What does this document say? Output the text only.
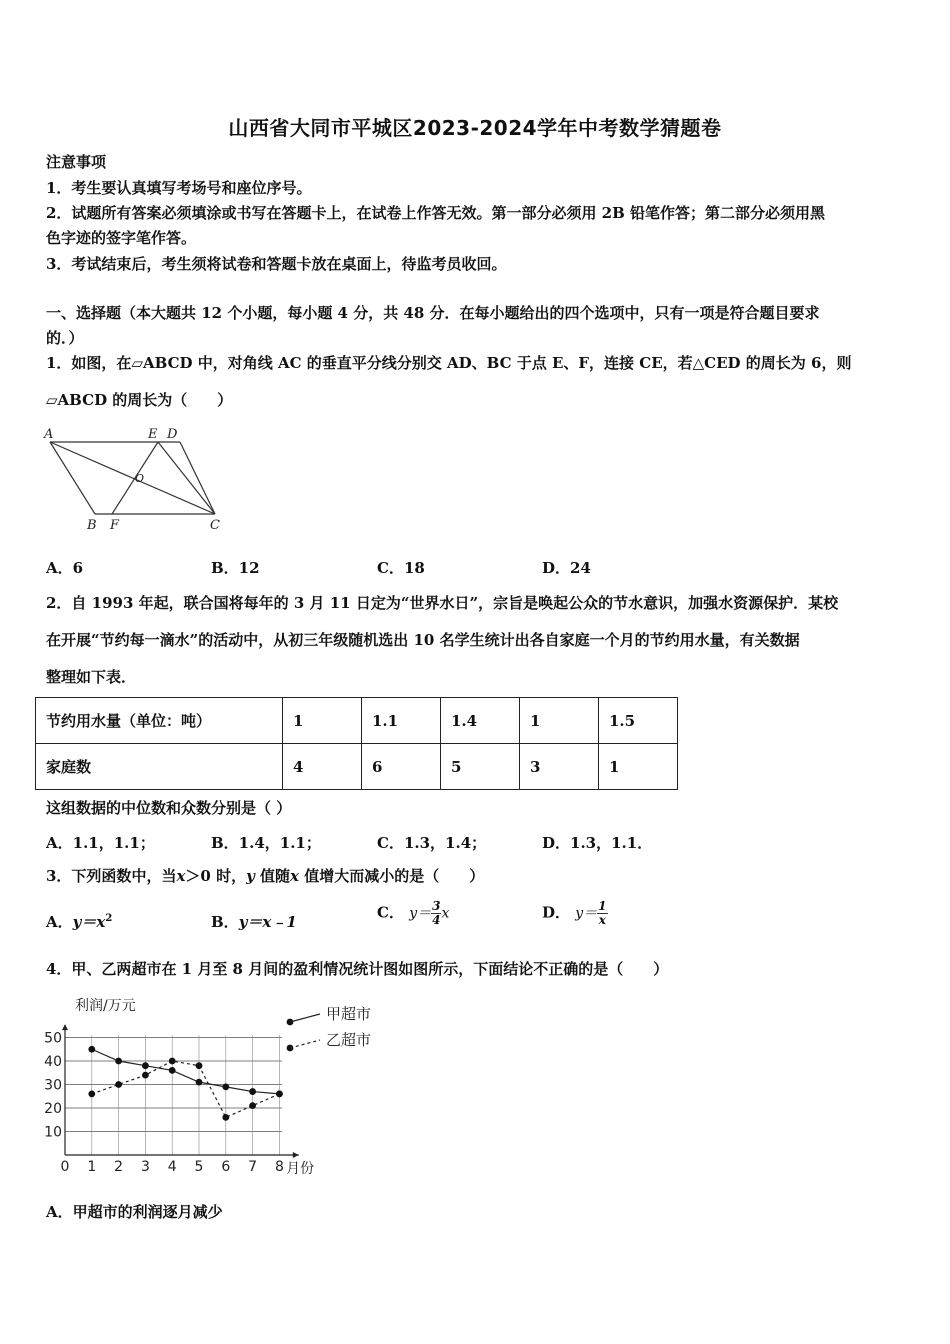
山西省大同市平城区2023-2024学年中考数学猜题卷
注意事项
1．考生要认真填写考场号和座位序号。
2．试题所有答案必须填涂或书写在答题卡上，在试卷上作答无效。第一部分必须用 2B 铅笔作答；第二部分必须用黑
色字迹的签字笔作答。
3．考试结束后，考生须将试卷和答题卡放在桌面上，待监考员收回。
一、选择题（本大题共 12 个小题，每小题 4 分，共 48 分．在每小题给出的四个选项中，只有一项是符合题目要求
的．）
1．如图，在▱ABCD 中，对角线 AC 的垂直平分线分别交 AD、BC 于点 E、F，连接 CE，若△CED 的周长为 6，则
▱ABCD 的周长为（　　）
A	E D
O
B F	C
A．6	B．12	C．18	D．24
2．自 1993 年起，联合国将每年的 3 月 11 日定为“世界水日”，宗旨是唤起公众的节水意识，加强水资源保护．某校
在开展“节约每一滴水”的活动中，从初三年级随机选出 10 名学生统计出各自家庭一个月的节约用水量，有关数据
整理如下表．
节约用水量（单位：吨）	1	1.1	1.4	1	1.5
家庭数	4	6	5	3	1
这组数据的中位数和众数分别是（ ）
A．1.1，1.1；	B．1.4，1.1；	C．1.3，1.4；	D．1.3，1.1．
3．下列函数中，当x＞0 时，y 值随x 值增大而减小的是（　　）
A．$y=x^2$	B．y＝x﹣1
C． $y= \frac{3}{4}$ x	D． $y= \frac{1}{x}$
4．甲、乙两超市在 1 月至 8 月间的盈利情况统计图如图所示，下面结论不正确的是（　　）
10
20
30
40
50
0 1 2 3 4 5 6 7 8 月份
利润/万元	甲超市
乙超市
A．甲超市的利润逐月减少
